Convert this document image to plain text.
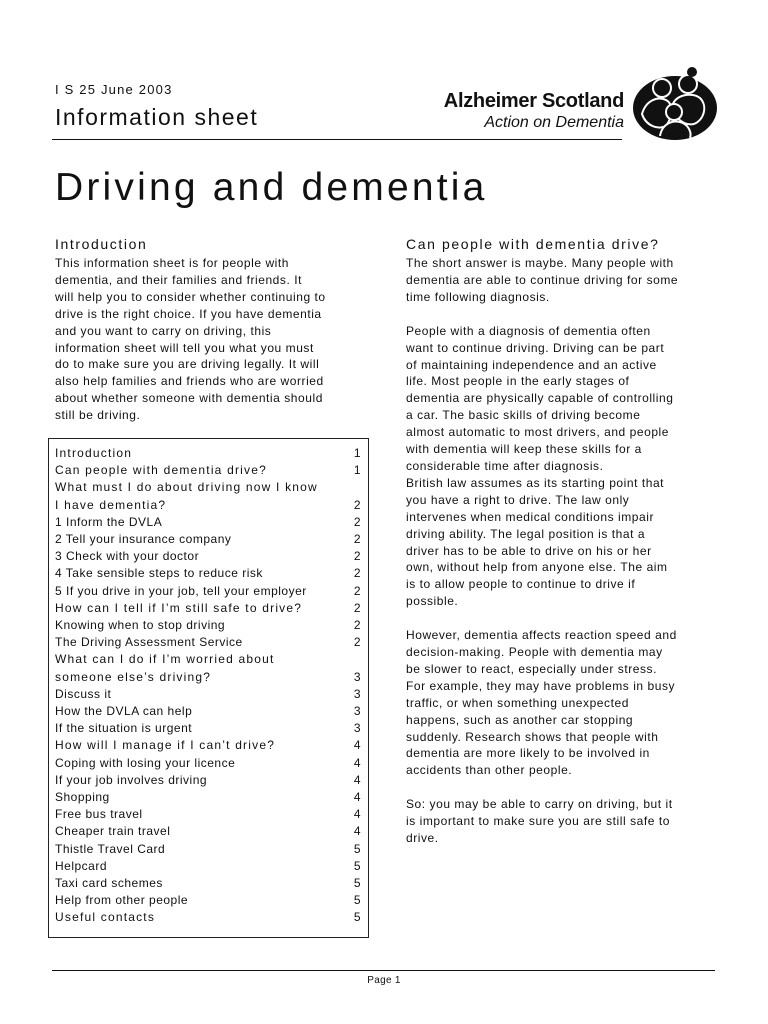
I S 25 June 2003
Information sheet
Alzheimer Scotland
Action on Dementia
Driving and dementia
Introduction

This information sheet is for people with
dementia, and their families and friends. It
will help you to consider whether continuing to
drive is the right choice. If you have dementia
and you want to carry on driving, this
information sheet will tell you what you must
do to make sure you are driving legally. It will
also help families and friends who are worried
about whether someone with dementia should
still be driving.

Introduction	1
Can people with dementia drive?	1
What must I do about driving now I know
I have dementia?	2
1 Inform the DVLA	2
2 Tell your insurance company	2
3 Check with your doctor	2
4 Take sensible steps to reduce risk	2
5 If you drive in your job, tell your employer	2
How can I tell if I’m still safe to drive?	2
Knowing when to stop driving	2
The Driving Assessment Service	2
What can I do if I’m worried about
someone else’s driving?	3
Discuss it	3
How the DVLA can help	3
If the situation is urgent	3
How will I manage if I can’t drive?	4
Coping with losing your licence	4
If your job involves driving	4
Shopping	4
Free bus travel	4
Cheaper train travel	4
Thistle Travel Card	5
Helpcard	5
Taxi card schemes	5
Help from other people	5
Useful contacts	5
Can people with dementia drive?

The short answer is maybe. Many people with
dementia are able to continue driving for some
time following diagnosis.

People with a diagnosis of dementia often
want to continue driving. Driving can be part
of maintaining independence and an active
life. Most people in the early stages of
dementia are physically capable of controlling
a car. The basic skills of driving become
almost automatic to most drivers, and people
with dementia will keep these skills for a
considerable time after diagnosis.
British law assumes as its starting point that
you have a right to drive. The law only
intervenes when medical conditions impair
driving ability. The legal position is that a
driver has to be able to drive on his or her
own, without help from anyone else. The aim
is to allow people to continue to drive if
possible.

However, dementia affects reaction speed and
decision-making. People with dementia may
be slower to react, especially under stress.
For example, they may have problems in busy
traffic, or when something unexpected
happens, such as another car stopping
suddenly. Research shows that people with
dementia are more likely to be involved in
accidents than other people.

So: you may be able to carry on driving, but it
is important to make sure you are still safe to
drive.

Page 1
